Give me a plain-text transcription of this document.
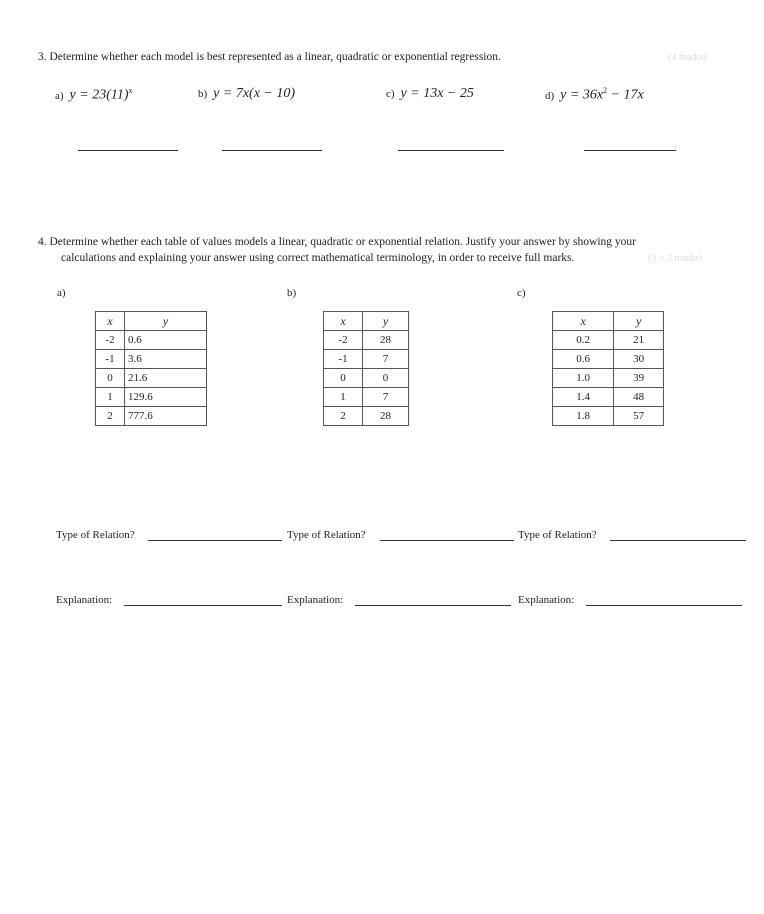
3. Determine whether each model is best represented as a linear, quadratic or exponential regression.	(4 marks)
a) $y = 23(11)^x$	b) y = 7x(x − 10)	c) y = 13x − 25	d) $y = 36x^2 - 17x$
4. Determine whether each table of values models a linear, quadratic or exponential relation. Justify your answer by showing your
calculations and explaining your answer using correct mathematical terminology, in order to receive full marks.	(3 × 3 marks)
a)	b)	c)
x	y
-2	0.6
-1	3.6
0	21.6
1	129.6
2	777.6
x	y
-2	28
-1	7
0	0
1	7
2	28
x	y
0.2	21
0.6	30
1.0	39
1.4	48
1.8	57
Type of Relation?	Type of Relation?	Type of Relation?
Explanation:	Explanation:	Explanation:
